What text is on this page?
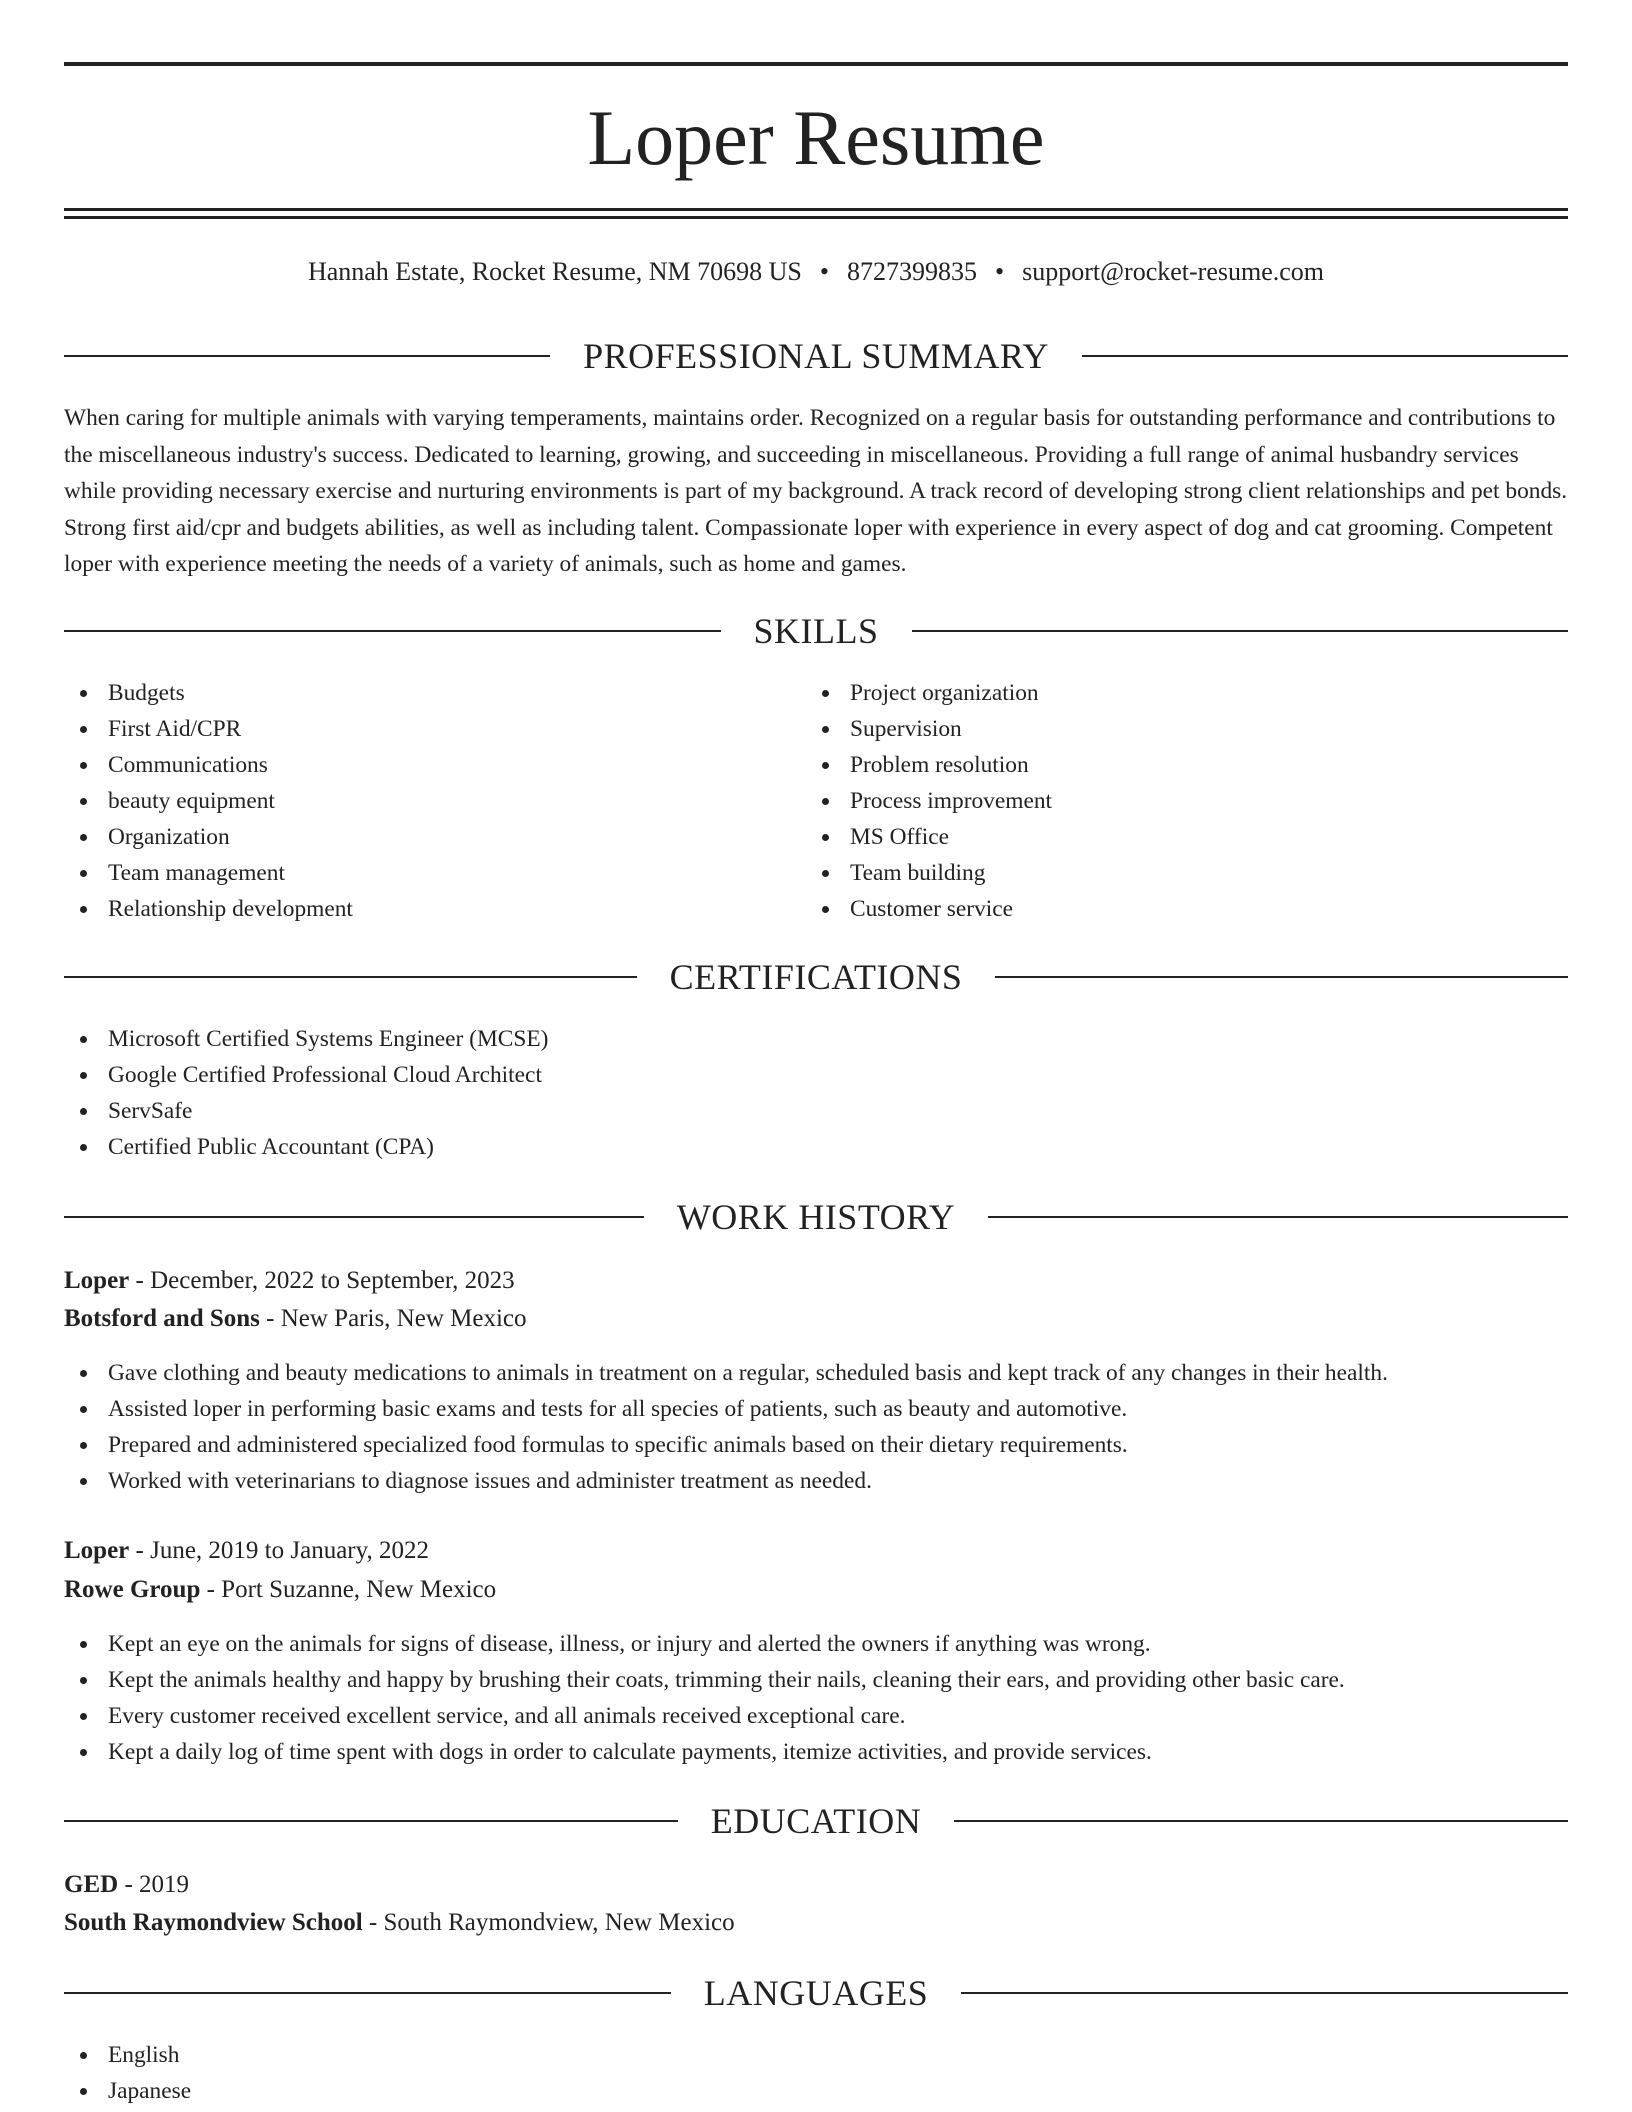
Loper Resume
Hannah Estate, Rocket Resume, NM 70698 US • 8727399835 • support@rocket-resume.com
PROFESSIONAL SUMMARY
When caring for multiple animals with varying temperaments, maintains order. Recognized on a regular basis for outstanding performance and contributions to the miscellaneous industry's success. Dedicated to learning, growing, and succeeding in miscellaneous. Providing a full range of animal husbandry services while providing necessary exercise and nurturing environments is part of my background. A track record of developing strong client relationships and pet bonds. Strong first aid/cpr and budgets abilities, as well as including talent. Compassionate loper with experience in every aspect of dog and cat grooming. Competent loper with experience meeting the needs of a variety of animals, such as home and games.
SKILLS
Budgets
First Aid/CPR
Communications
beauty equipment
Organization
Team management
Relationship development
Project organization
Supervision
Problem resolution
Process improvement
MS Office
Team building
Customer service
CERTIFICATIONS
Microsoft Certified Systems Engineer (MCSE)
Google Certified Professional Cloud Architect
ServSafe
Certified Public Accountant (CPA)
WORK HISTORY
Loper - December, 2022 to September, 2023
Botsford and Sons - New Paris, New Mexico
Gave clothing and beauty medications to animals in treatment on a regular, scheduled basis and kept track of any changes in their health.
Assisted loper in performing basic exams and tests for all species of patients, such as beauty and automotive.
Prepared and administered specialized food formulas to specific animals based on their dietary requirements.
Worked with veterinarians to diagnose issues and administer treatment as needed.
Loper - June, 2019 to January, 2022
Rowe Group - Port Suzanne, New Mexico
Kept an eye on the animals for signs of disease, illness, or injury and alerted the owners if anything was wrong.
Kept the animals healthy and happy by brushing their coats, trimming their nails, cleaning their ears, and providing other basic care.
Every customer received excellent service, and all animals received exceptional care.
Kept a daily log of time spent with dogs in order to calculate payments, itemize activities, and provide services.
EDUCATION
GED - 2019
South Raymondview School - South Raymondview, New Mexico
LANGUAGES
English
Japanese
